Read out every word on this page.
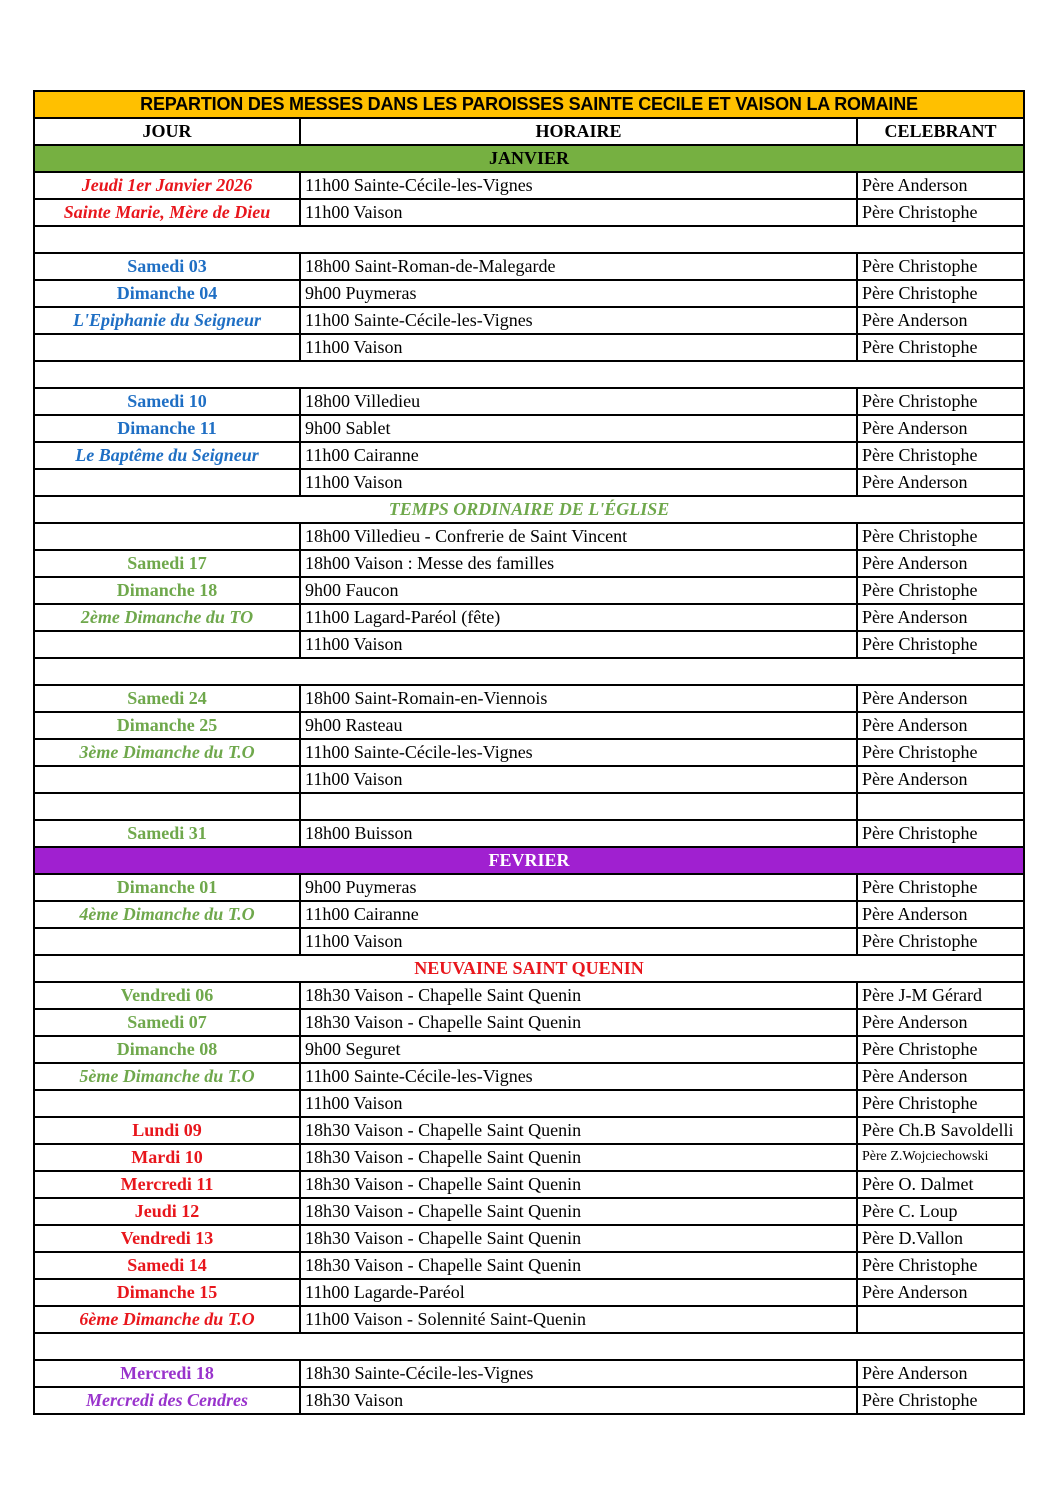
REPARTION DES MESSES DANS LES PAROISSES SAINTE CECILE ET VAISON LA ROMAINE		
JOUR	HORAIRE	CELEBRANT
JANVIER		
Jeudi 1er Janvier 2026	11h00 Sainte-Cécile-les-Vignes	Père Anderson
Sainte Marie, Mère de Dieu	11h00 Vaison	Père Christophe

Samedi 03	18h00 Saint-Roman-de-Malegarde	Père Christophe
Dimanche 04	9h00 Puymeras	Père Christophe
L'Epiphanie du Seigneur	11h00 Sainte-Cécile-les-Vignes	Père Anderson
	11h00 Vaison	Père Christophe

Samedi 10	18h00 Villedieu	Père Christophe
Dimanche 11	9h00 Sablet	Père Anderson
Le Baptême du Seigneur	11h00 Cairanne	Père Christophe
	11h00 Vaison	Père Anderson
TEMPS ORDINAIRE DE L'ÉGLISE		
	18h00 Villedieu - Confrerie de Saint Vincent	Père Christophe
Samedi 17	18h00 Vaison : Messe des familles	Père Anderson
Dimanche 18	9h00 Faucon	Père Christophe
2ème Dimanche du TO	11h00 Lagard-Paréol (fête)	Père Anderson
	11h00 Vaison	Père Christophe

Samedi 24	18h00 Saint-Romain-en-Viennois	Père Anderson
Dimanche 25	9h00 Rasteau	Père Anderson
3ème Dimanche du T.O	11h00 Sainte-Cécile-les-Vignes	Père Christophe
	11h00 Vaison	Père Anderson

Samedi 31	18h00 Buisson	Père Christophe
FEVRIER		
Dimanche 01	9h00 Puymeras	Père Christophe
4ème Dimanche du T.O	11h00 Cairanne	Père Anderson
	11h00 Vaison	Père Christophe
NEUVAINE SAINT QUENIN		
Vendredi 06	18h30 Vaison - Chapelle Saint Quenin	Père J-M Gérard
Samedi 07	18h30 Vaison - Chapelle Saint Quenin	Père Anderson
Dimanche 08	9h00 Seguret	Père Christophe
5ème Dimanche du T.O	11h00 Sainte-Cécile-les-Vignes	Père Anderson
	11h00 Vaison	Père Christophe
Lundi 09	18h30 Vaison - Chapelle Saint Quenin	Père Ch.B Savoldelli
Mardi 10	18h30 Vaison - Chapelle Saint Quenin	Père Z.Wojciechowski
Mercredi 11	18h30 Vaison - Chapelle Saint Quenin	Père O. Dalmet
Jeudi 12	18h30 Vaison - Chapelle Saint Quenin	Père C. Loup
Vendredi 13	18h30 Vaison - Chapelle Saint Quenin	Père D.Vallon
Samedi 14	18h30 Vaison - Chapelle Saint Quenin	Père Christophe
Dimanche 15	11h00 Lagarde-Paréol	Père Anderson
6ème Dimanche du T.O	11h00 Vaison - Solennité Saint-Quenin	

Mercredi 18	18h30 Sainte-Cécile-les-Vignes	Père Anderson
Mercredi des Cendres	18h30 Vaison	Père Christophe
